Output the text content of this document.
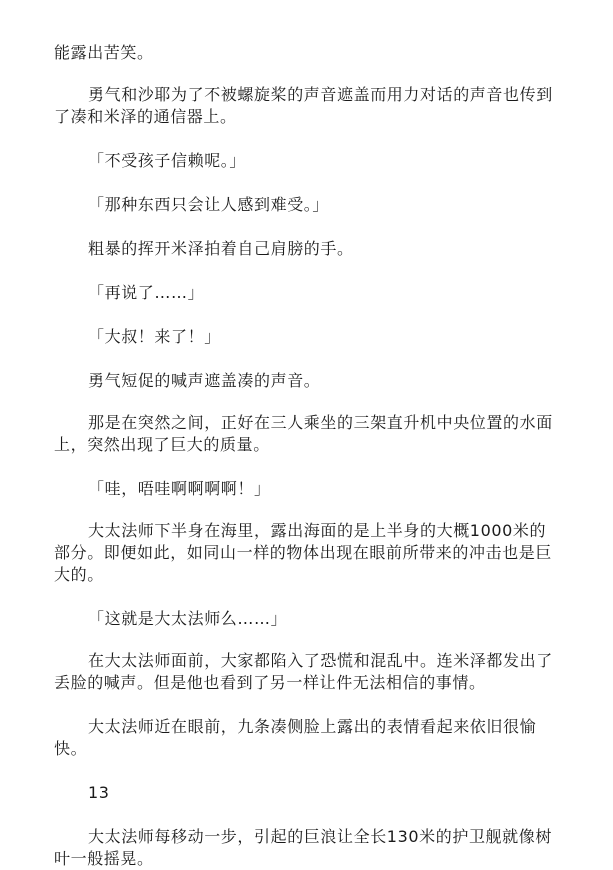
能露出苦笑。

勇气和沙耶为了不被螺旋桨的声音遮盖而用力对话的声音也传到了凑和米泽的通信器上。

「不受孩子信赖呢。」

「那种东西只会让人感到难受。」

粗暴的挥开米泽拍着自己肩膀的手。

「再说了……」

「大叔！来了！」

勇气短促的喊声遮盖凑的声音。

那是在突然之间，正好在三人乘坐的三架直升机中央位置的水面上，突然出现了巨大的质量。

「哇，唔哇啊啊啊啊！」

大太法师下半身在海里，露出海面的是上半身的大概1000米的部分。即便如此，如同山一样的物体出现在眼前所带来的冲击也是巨大的。

「这就是大太法师么……」

在大太法师面前，大家都陷入了恐慌和混乱中。连米泽都发出了丢脸的喊声。但是他也看到了另一样让件无法相信的事情。

大太法师近在眼前，九条凑侧脸上露出的表情看起来依旧很愉快。

13

大太法师每移动一步，引起的巨浪让全长130米的护卫舰就像树叶一般摇晃。
